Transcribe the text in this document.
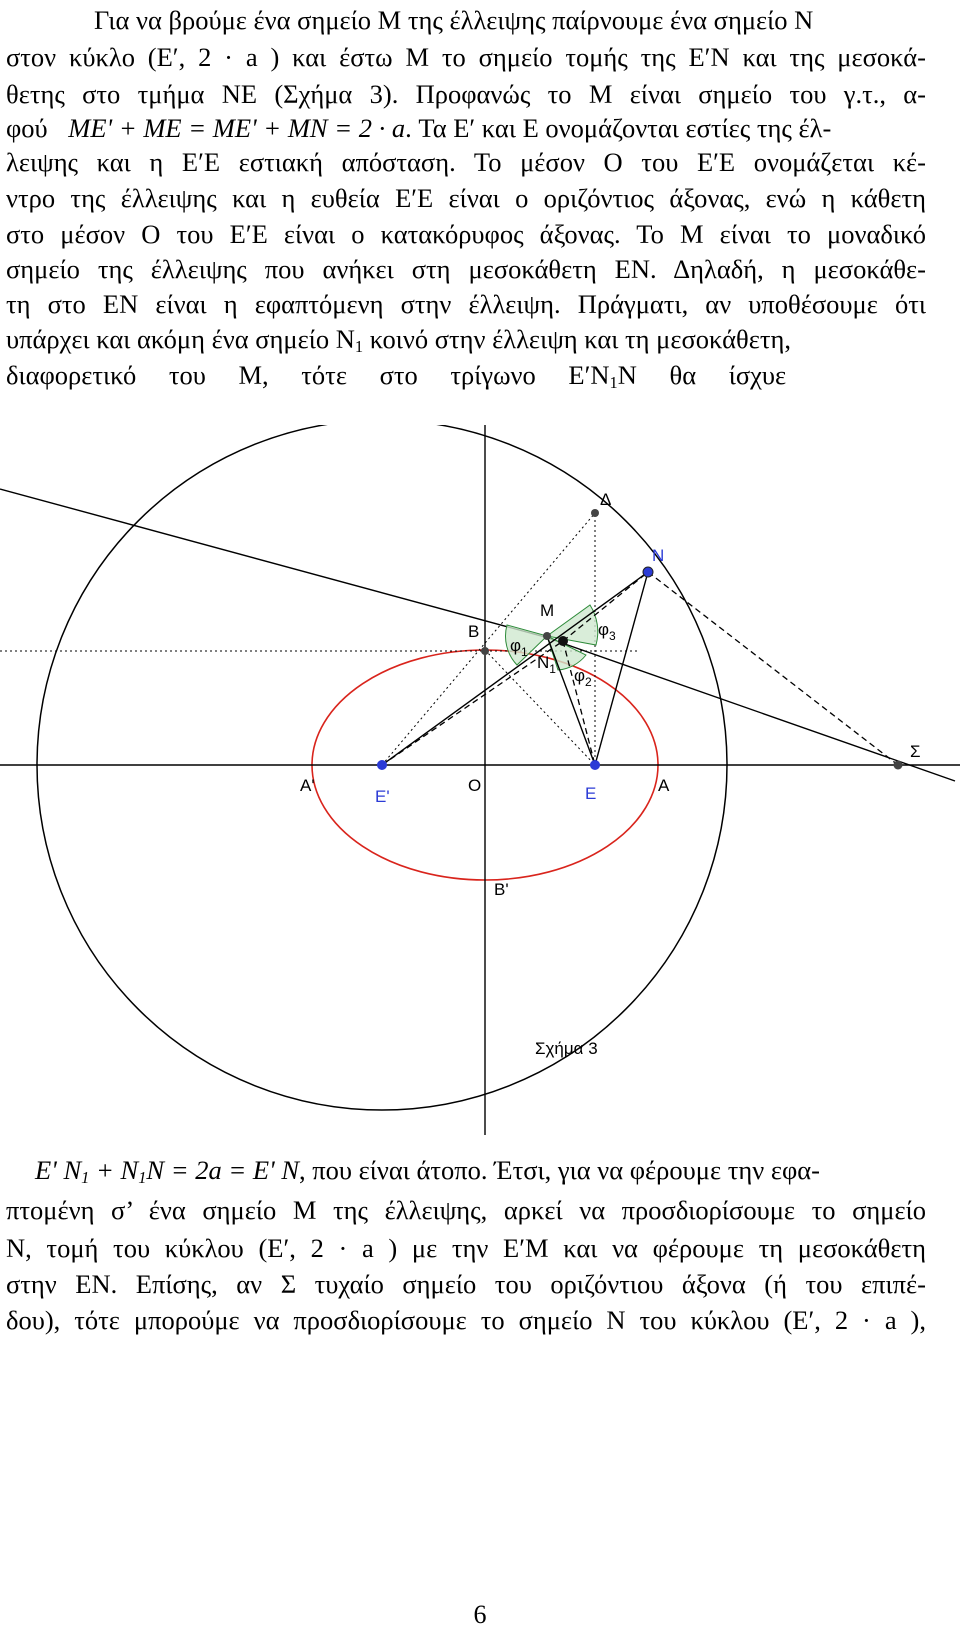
Για να βρούμε ένα σημείο Μ της έλλειψης παίρνουμε ένα σημείο Ν
στον κύκλο (Ε′, 2 · a ) και έστω Μ το σημείο τομής της Ε′Ν και της μεσοκά-
θετης στο τμήμα ΝΕ (Σχήμα 3). Προφανώς το Μ είναι σημείο του γ.τ., α-
φού ME' + ME = ME' + MN = 2 · a. Τα Ε′ και Ε ονομάζονται εστίες της έλ-
λειψης και η Ε′Ε εστιακή απόσταση. Το μέσον Ο του Ε′Ε ονομάζεται κέ-
ντρο της έλλειψης και η ευθεία Ε′Ε είναι ο οριζόντιος άξονας, ενώ η κάθετη
στο μέσον Ο του Ε′Ε είναι ο κατακόρυφος άξονας. Το Μ είναι το μοναδικό
σημείο της έλλειψης που ανήκει στη μεσοκάθετη ΕΝ. Δηλαδή, η μεσοκάθε-
τη στο ΕΝ είναι η εφαπτόμενη στην έλλειψη. Πράγματι, αν υποθέσουμε ότι
υπάρχει και ακόμη ένα σημείο $N_1$ κοινό στην έλλειψη και τη μεσοκάθετη,
διαφορετικό του Μ, τότε στο τρίγωνο $E'N_1N$ θα ίσχυε
Δ
N
B
M
$N_1$
$\varphi_1$
$\varphi_3$
$\varphi_2$
Σ
A'
E'
O	E	A
B'
Σχήμα 3
E' $N_1 + N_1N = 2a = E'$ N, που είναι άτοπο. Έτσι, για να φέρουμε την εφα-
πτομένη σ’ ένα σημείο Μ της έλλειψης, αρκεί να προσδιορίσουμε το σημείο
Ν, τομή του κύκλου (Ε′, 2 · a ) με την Ε′Μ και να φέρουμε τη μεσοκάθετη
στην ΕΝ. Επίσης, αν Σ τυχαίο σημείο του οριζόντιου άξονα (ή του επιπέ-
δου), τότε μπορούμε να προσδιορίσουμε το σημείο Ν του κύκλου (Ε′, 2 · a ),
6
